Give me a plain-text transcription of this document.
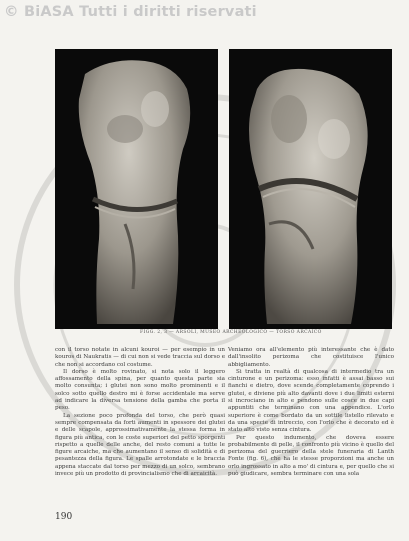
© BiASA Tutti i diritti riservati
FIGG. 2, 3 — ARSOLI, MUSEO ARCHEOLOGICO — TORSO ARCAICO

con il torso notate in alcuni kouroi — per esempio in un kouros di Naukratis — di cui non si vede traccia sul dorso e che non si accordano col costume.

Il dorso è molto rovinato, si nota solo il leggero affossamento della spina, per quanto questa parte sia molto consunta; i glutei non sono molto prominenti e il solco sotto quello destro mi è forse accidentale ma serve ad indicare la diversa tensione della gamba che porta il peso.

La sezione poco profonda del torso, che però quasi sempre compensata da forti aumenti in spessore dei glutei e delle scapole, approssimativamente la stessa forma in figura più antica, con le coste superiori del petto sporgenti rispetto a quelle delle anche, del resto comuni a tutte le figure arcaiche, ma che aumentano il senso di solidità e di pesantezza della figura. Le spalle arrotondate e le braccia appena staccate dal torso per mezzo di un solco, sembrano invece più un prodotto di provincialismo che di arcaicità.

Veniamo ora all'elemento più interessante che è dato dall'insolito perizoma che costituisce l'unico abbigliamento.

Si tratta in realtà di qualcosa di intermedio tra un cinturone e un perizoma: esso infatti è assai basso sui fianchi e dietro, dove scende completamente coprendo i glutei, e diviene più alto davanti dove i due limiti esterni si incrociano in alto e pendono sulle cosce in due capi appuntiti che terminano con una appendice. L'orlo superiore è come bordato da un sottile listello rilevato e da una specie di intreccio, con l'orlo che è decorato ed è stato alto visto senza cintura.

Per questo indumento, che doveva essere probabilmente di pelle, il confronto più vicino è quello del perizoma del guerriero della stele funeraria di Lanth Fonte (fig. 6), che ha le stesse proporzioni ma anche un orlo ingrossato in alto a mo' di cintura e, per quello che si può giudicare, sembra terminare con una sola

190
